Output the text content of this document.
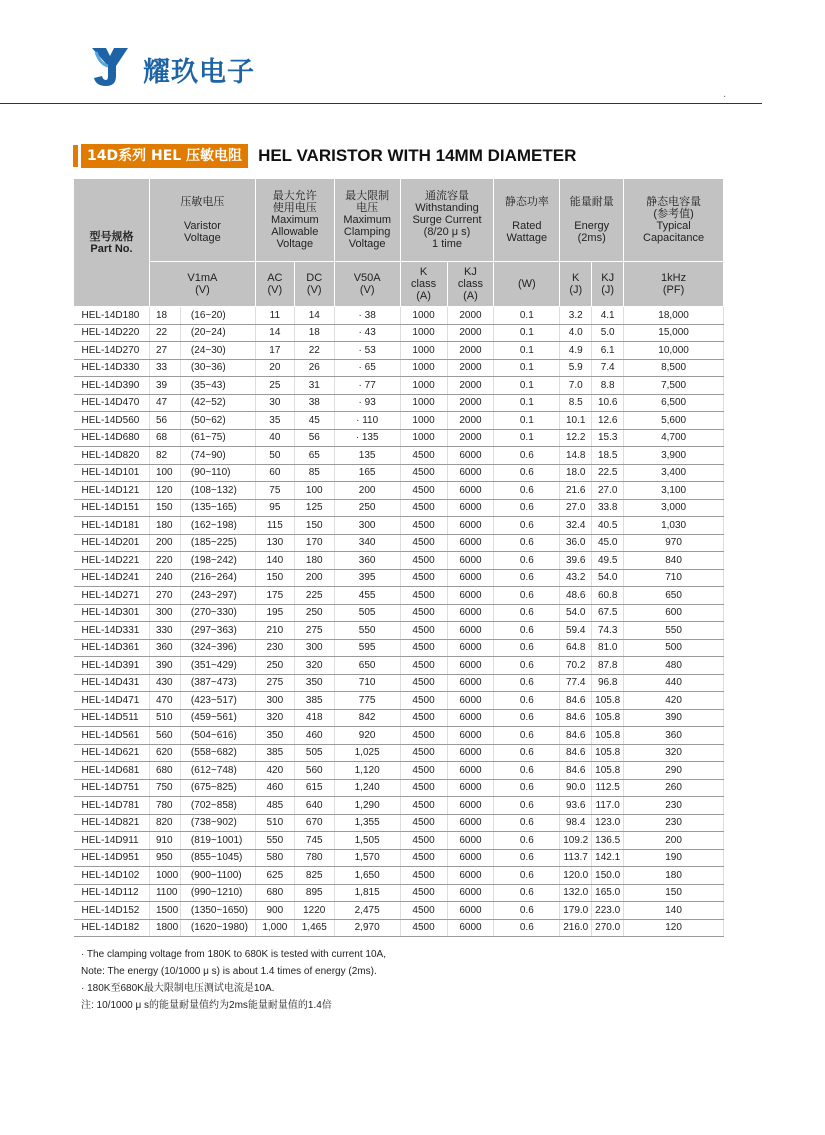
耀玖电子
·
14D系列 HEL 压敏电阻 HEL VARISTOR WITH 14MM DIAMETER
型号规格
Part No.	压敏电压

Varistor
Voltage		最大允许
使用电压
Maximum
Allowable
Voltage		最大限制
电压
Maximum
Clamping
Voltage	通流容量
Withstanding
Surge Current
(8/20 μ s)
1 time		静态功率

Rated
Wattage	能量耐量

Energy
(2ms)		静态电容量
(参考值)
Typical
Capacitance
	V1mA
(V)		AC
(V)	DC
(V)	V50A
(V)	K
class
(A)	KJ
class
(A)	(W)	K
(J)	KJ
(J)	1kHz
(PF)
HEL-14D180	18	(16~20)	11	14	· 38	1000	2000	0.1	3.2	4.1	18,000
HEL-14D220	22	(20~24)	14	18	· 43	1000	2000	0.1	4.0	5.0	15,000
HEL-14D270	27	(24~30)	17	22	· 53	1000	2000	0.1	4.9	6.1	10,000
HEL-14D330	33	(30~36)	20	26	· 65	1000	2000	0.1	5.9	7.4	8,500
HEL-14D390	39	(35~43)	25	31	· 77	1000	2000	0.1	7.0	8.8	7,500
HEL-14D470	47	(42~52)	30	38	· 93	1000	2000	0.1	8.5	10.6	6,500
HEL-14D560	56	(50~62)	35	45	· 110	1000	2000	0.1	10.1	12.6	5,600
HEL-14D680	68	(61~75)	40	56	· 135	1000	2000	0.1	12.2	15.3	4,700
HEL-14D820	82	(74~90)	50	65	135	4500	6000	0.6	14.8	18.5	3,900
HEL-14D101	100	(90~110)	60	85	165	4500	6000	0.6	18.0	22.5	3,400
HEL-14D121	120	(108~132)	75	100	200	4500	6000	0.6	21.6	27.0	3,100
HEL-14D151	150	(135~165)	95	125	250	4500	6000	0.6	27.0	33.8	3,000
HEL-14D181	180	(162~198)	115	150	300	4500	6000	0.6	32.4	40.5	1,030
HEL-14D201	200	(185~225)	130	170	340	4500	6000	0.6	36.0	45.0	970
HEL-14D221	220	(198~242)	140	180	360	4500	6000	0.6	39.6	49.5	840
HEL-14D241	240	(216~264)	150	200	395	4500	6000	0.6	43.2	54.0	710
HEL-14D271	270	(243~297)	175	225	455	4500	6000	0.6	48.6	60.8	650
HEL-14D301	300	(270~330)	195	250	505	4500	6000	0.6	54.0	67.5	600
HEL-14D331	330	(297~363)	210	275	550	4500	6000	0.6	59.4	74.3	550
HEL-14D361	360	(324~396)	230	300	595	4500	6000	0.6	64.8	81.0	500
HEL-14D391	390	(351~429)	250	320	650	4500	6000	0.6	70.2	87.8	480
HEL-14D431	430	(387~473)	275	350	710	4500	6000	0.6	77.4	96.8	440
HEL-14D471	470	(423~517)	300	385	775	4500	6000	0.6	84.6	105.8	420
HEL-14D511	510	(459~561)	320	418	842	4500	6000	0.6	84.6	105.8	390
HEL-14D561	560	(504~616)	350	460	920	4500	6000	0.6	84.6	105.8	360
HEL-14D621	620	(558~682)	385	505	1,025	4500	6000	0.6	84.6	105.8	320
HEL-14D681	680	(612~748)	420	560	1,120	4500	6000	0.6	84.6	105.8	290
HEL-14D751	750	(675~825)	460	615	1,240	4500	6000	0.6	90.0	112.5	260
HEL-14D781	780	(702~858)	485	640	1,290	4500	6000	0.6	93.6	117.0	230
HEL-14D821	820	(738~902)	510	670	1,355	4500	6000	0.6	98.4	123.0	230
HEL-14D911	910	(819~1001)	550	745	1,505	4500	6000	0.6	109.2	136.5	200
HEL-14D951	950	(855~1045)	580	780	1,570	4500	6000	0.6	113.7	142.1	190
HEL-14D102	1000	(900~1100)	625	825	1,650	4500	6000	0.6	120.0	150.0	180
HEL-14D112	1100	(990~1210)	680	895	1,815	4500	6000	0.6	132.0	165.0	150
HEL-14D152	1500	(1350~1650)	900	1220	2,475	4500	6000	0.6	179.0	223.0	140
HEL-14D182	1800	(1620~1980)	1,000	1,465	2,970	4500	6000	0.6	216.0	270.0	120
· The clamping voltage from 180K to 680K is tested with current 10A,
Note: The energy (10/1000 μ s) is about 1.4 times of energy (2ms).
· 180K至680K最大限制电压测试电流是10A.
注: 10/1000 μ s的能量耐量值约为2ms能量耐量值的1.4倍
